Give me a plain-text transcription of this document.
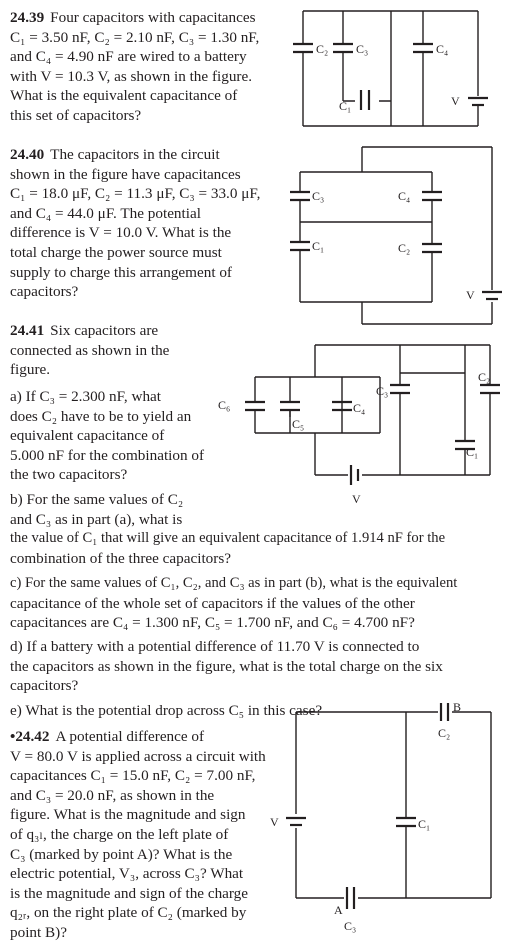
24.39 Four capacitors with capacitances
C₁ = 3.50 nF, C₂ = 2.10 nF, C₃ = 1.30 nF,
and C₄ = 4.90 nF are wired to a battery
with V = 10.3 V, as shown in the figure.
What is the equivalent capacitance of
this set of capacitors?
C₂ C₃	C₄
C₁	V
24.40 The capacitors in the circuit
shown in the figure have capacitances
C₁ = 18.0 μF, C₂ = 11.3 μF, C₃ = 33.0 μF,
and C₄ = 44.0 μF. The potential
difference is V = 10.0 V. What is the
total charge the power source must
supply to charge this arrangement of
capacitors?
C₃
C₁
C₄
C₂
V
24.41 Six capacitors are
connected as shown in the
figure.
a) If C₃ = 2.300 nF, what
does C₂ have to be to yield an
equivalent capacitance of
5.000 nF for the combination of
the two capacitors?
b) For the same values of C₂
and C₃ as in part (a), what is
the value of C₁ that will give an equivalent capacitance of 1.914 nF for the
combination of the three capacitors?
c) For the same values of C₁, C₂, and C₃ as in part (b), what is the equivalent
capacitance of the whole set of capacitors if the values of the other
capacitances are C₄ = 1.300 nF, C₅ = 1.700 nF, and C₆ = 4.700 nF?
d) If a battery with a potential difference of 11.70 V is connected to
the capacitors as shown in the figure, what is the total charge on the six
capacitors?
e) What is the potential drop across C₅ in this case?
C₆
C₅
C₄
C₃
C₂
C₁
V
•24.42 A potential difference of
V = 80.0 V is applied across a circuit with
capacitances C₁ = 15.0 nF, C₂ = 7.00 nF,
and C₃ = 20.0 nF, as shown in the
figure. What is the magnitude and sign
of q₃ₗ, the charge on the left plate of
C₃ (marked by point A)? What is the
electric potential, V₃, across C₃? What
is the magnitude and sign of the charge
q₂ᵣ, on the right plate of C₂ (marked by
point B)?
B
C₂
C₁
V
A
C₃
